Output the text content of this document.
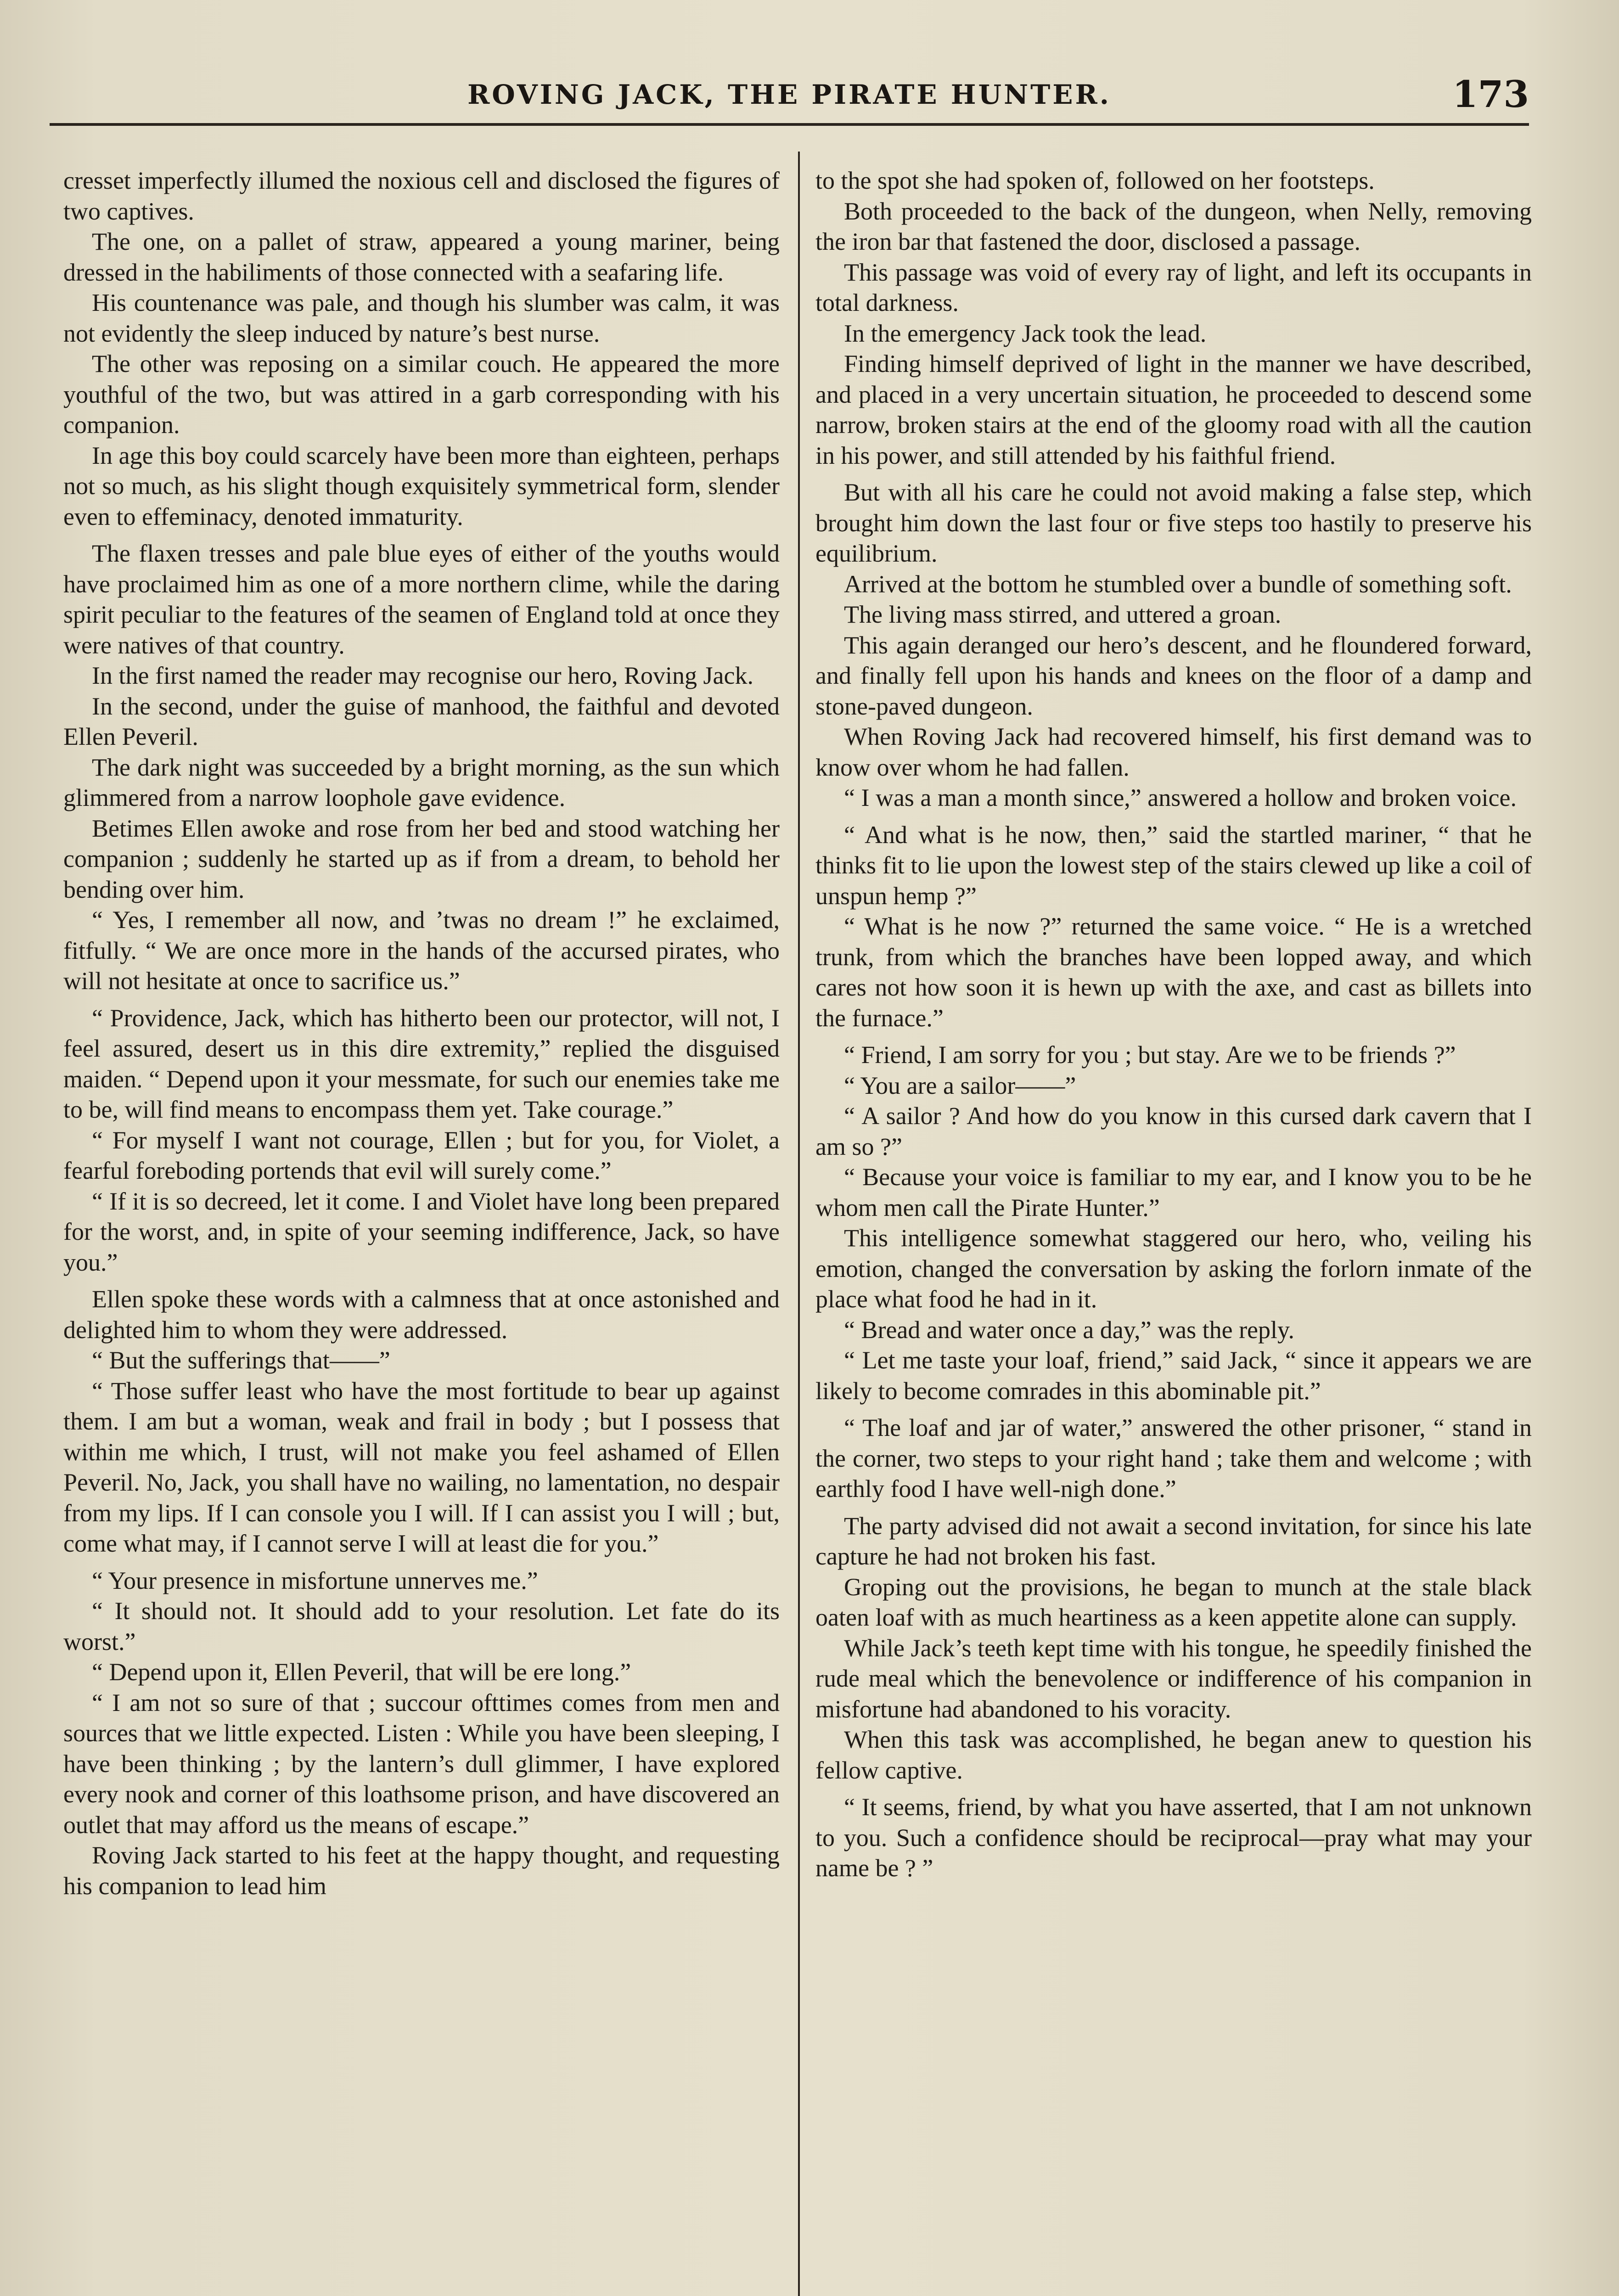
ROVING JACK, THE PIRATE HUNTER.	173

cresset imperfectly illumed the noxious cell and disclosed the figures of two captives.

The one, on a pallet of straw, appeared a young mariner, being dressed in the habiliments of those connected with a seafaring life.

His countenance was pale, and though his slumber was calm, it was not evidently the sleep induced by nature’s best nurse.

The other was reposing on a similar couch. He appeared the more youthful of the two, but was attired in a garb corresponding with his companion.

In age this boy could scarcely have been more than eighteen, perhaps not so much, as his slight though exquisitely symmetrical form, slender even to effeminacy, denoted immaturity.

The flaxen tresses and pale blue eyes of either of the youths would have proclaimed him as one of a more northern clime, while the daring spirit peculiar to the features of the seamen of England told at once they were natives of that country.

In the first named the reader may recognise our hero, Roving Jack.

In the second, under the guise of manhood, the faithful and devoted Ellen Peveril.

The dark night was succeeded by a bright morning, as the sun which glimmered from a narrow loophole gave evidence.

Betimes Ellen awoke and rose from her bed and stood watching her companion ; suddenly he started up as if from a dream, to behold her bending over him.

“ Yes, I remember all now, and ’twas no dream !” he exclaimed, fitfully. “ We are once more in the hands of the accursed pirates, who will not hesitate at once to sacrifice us.”

“ Providence, Jack, which has hitherto been our protector, will not, I feel assured, desert us in this dire extremity,” replied the disguised maiden. “ Depend upon it your messmate, for such our enemies take me to be, will find means to encompass them yet. Take courage.”

“ For myself I want not courage, Ellen ; but for you, for Violet, a fearful foreboding portends that evil will surely come.”

“ If it is so decreed, let it come. I and Violet have long been prepared for the worst, and, in spite of your seeming indifference, Jack, so have you.”

Ellen spoke these words with a calmness that at once astonished and delighted him to whom they were addressed.

“ But the sufferings that——”

“ Those suffer least who have the most fortitude to bear up against them. I am but a woman, weak and frail in body ; but I possess that within me which, I trust, will not make you feel ashamed of Ellen Peveril. No, Jack, you shall have no wailing, no lamentation, no despair from my lips. If I can console you I will. If I can assist you I will ; but, come what may, if I cannot serve I will at least die for you.”

“ Your presence in misfortune unnerves me.”

“ It should not. It should add to your resolution. Let fate do its worst.”

“ Depend upon it, Ellen Peveril, that will be ere long.”

“ I am not so sure of that ; succour ofttimes comes from men and sources that we little expected. Listen : While you have been sleeping, I have been thinking ; by the lantern’s dull glimmer, I have explored every nook and corner of this loathsome prison, and have discovered an outlet that may afford us the means of escape.”

Roving Jack started to his feet at the happy thought, and requesting his companion to lead him

to the spot she had spoken of, followed on her footsteps.

Both proceeded to the back of the dungeon, when Nelly, removing the iron bar that fastened the door, disclosed a passage.

This passage was void of every ray of light, and left its occupants in total darkness.

In the emergency Jack took the lead.

Finding himself deprived of light in the manner we have described, and placed in a very uncertain situation, he proceeded to descend some narrow, broken stairs at the end of the gloomy road with all the caution in his power, and still attended by his faithful friend.

But with all his care he could not avoid making a false step, which brought him down the last four or five steps too hastily to preserve his equilibrium.

Arrived at the bottom he stumbled over a bundle of something soft.

The living mass stirred, and uttered a groan.

This again deranged our hero’s descent, and he floundered forward, and finally fell upon his hands and knees on the floor of a damp and stone-paved dungeon.

When Roving Jack had recovered himself, his first demand was to know over whom he had fallen.

“ I was a man a month since,” answered a hollow and broken voice.

“ And what is he now, then,” said the startled mariner, “ that he thinks fit to lie upon the lowest step of the stairs clewed up like a coil of unspun hemp ?”

“ What is he now ?” returned the same voice. “ He is a wretched trunk, from which the branches have been lopped away, and which cares not how soon it is hewn up with the axe, and cast as billets into the furnace.”

“ Friend, I am sorry for you ; but stay. Are we to be friends ?”

“ You are a sailor——”

“ A sailor ? And how do you know in this cursed dark cavern that I am so ?”

“ Because your voice is familiar to my ear, and I know you to be he whom men call the Pirate Hunter.”

This intelligence somewhat staggered our hero, who, veiling his emotion, changed the conversation by asking the forlorn inmate of the place what food he had in it.

“ Bread and water once a day,” was the reply.

“ Let me taste your loaf, friend,” said Jack, “ since it appears we are likely to become comrades in this abominable pit.”

“ The loaf and jar of water,” answered the other prisoner, “ stand in the corner, two steps to your right hand ; take them and welcome ; with earthly food I have well-nigh done.”

The party advised did not await a second invitation, for since his late capture he had not broken his fast.

Groping out the provisions, he began to munch at the stale black oaten loaf with as much heartiness as a keen appetite alone can supply.

While Jack’s teeth kept time with his tongue, he speedily finished the rude meal which the benevolence or indifference of his companion in misfortune had abandoned to his voracity.

When this task was accomplished, he began anew to question his fellow captive.

“ It seems, friend, by what you have asserted, that I am not unknown to you. Such a confidence should be reciprocal—pray what may your name be ? ”
